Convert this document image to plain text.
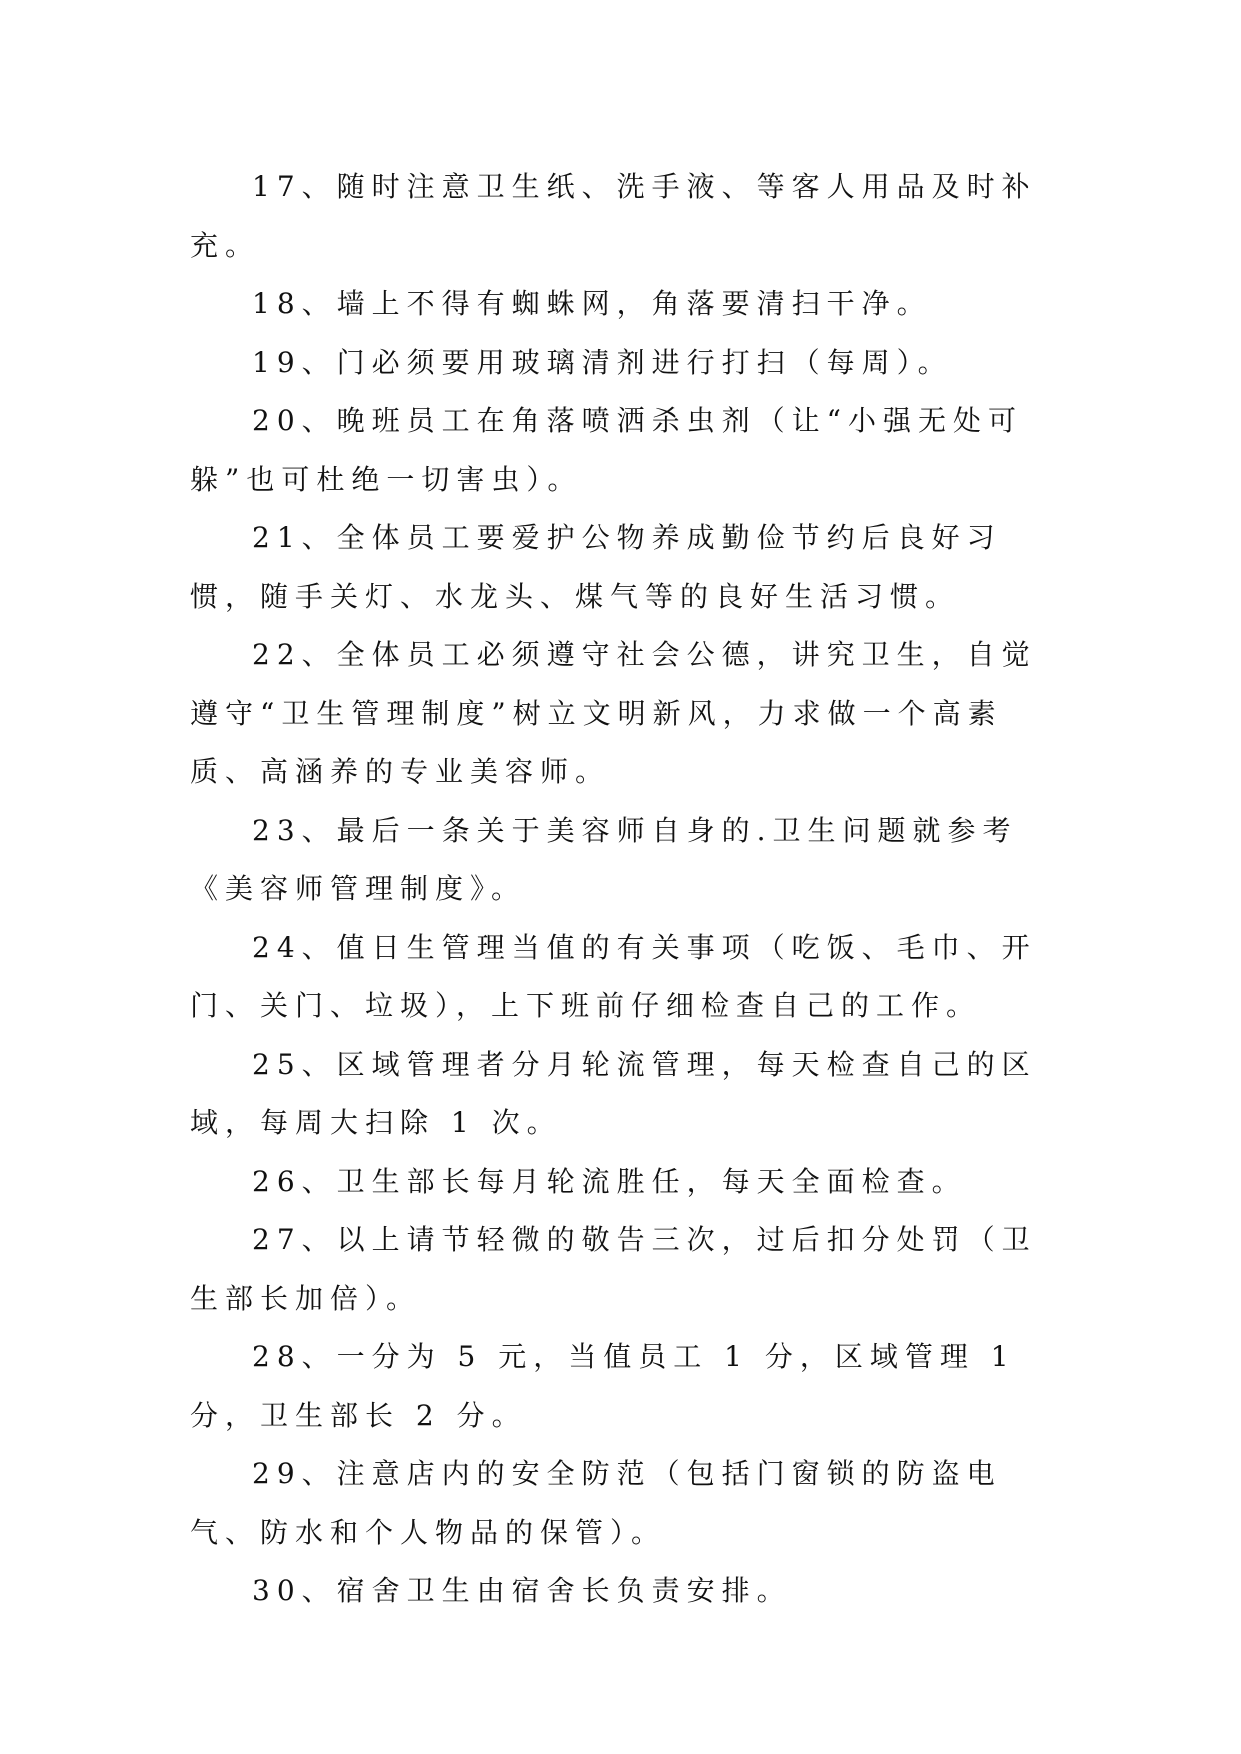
17、随时注意卫生纸、洗手液、等客人用品及时补充。

18、墙上不得有蜘蛛网，角落要清扫干净。

19、门必须要用玻璃清剂进行打扫（每周）。

20、晚班员工在角落喷洒杀虫剂（让“小强无处可躲”也可杜绝一切害虫）。

21、全体员工要爱护公物养成勤俭节约后良好习惯，随手关灯、水龙头、煤气等的良好生活习惯。

22、全体员工必须遵守社会公德，讲究卫生，自觉遵守“卫生管理制度”树立文明新风，力求做一个高素质、高涵养的专业美容师。

23、最后一条关于美容师自身的.卫生问题就参考《美容师管理制度》。

24、值日生管理当值的有关事项（吃饭、毛巾、开门、关门、垃圾），上下班前仔细检查自己的工作。

25、区域管理者分月轮流管理，每天检查自己的区域，每周大扫除 1 次。

26、卫生部长每月轮流胜任，每天全面检查。

27、以上请节轻微的敬告三次，过后扣分处罚（卫生部长加倍）。

28、一分为 5 元，当值员工 1 分，区域管理 1 分，卫生部长 2 分。

29、注意店内的安全防范（包括门窗锁的防盗电气、防水和个人物品的保管）。

30、宿舍卫生由宿舍长负责安排。
